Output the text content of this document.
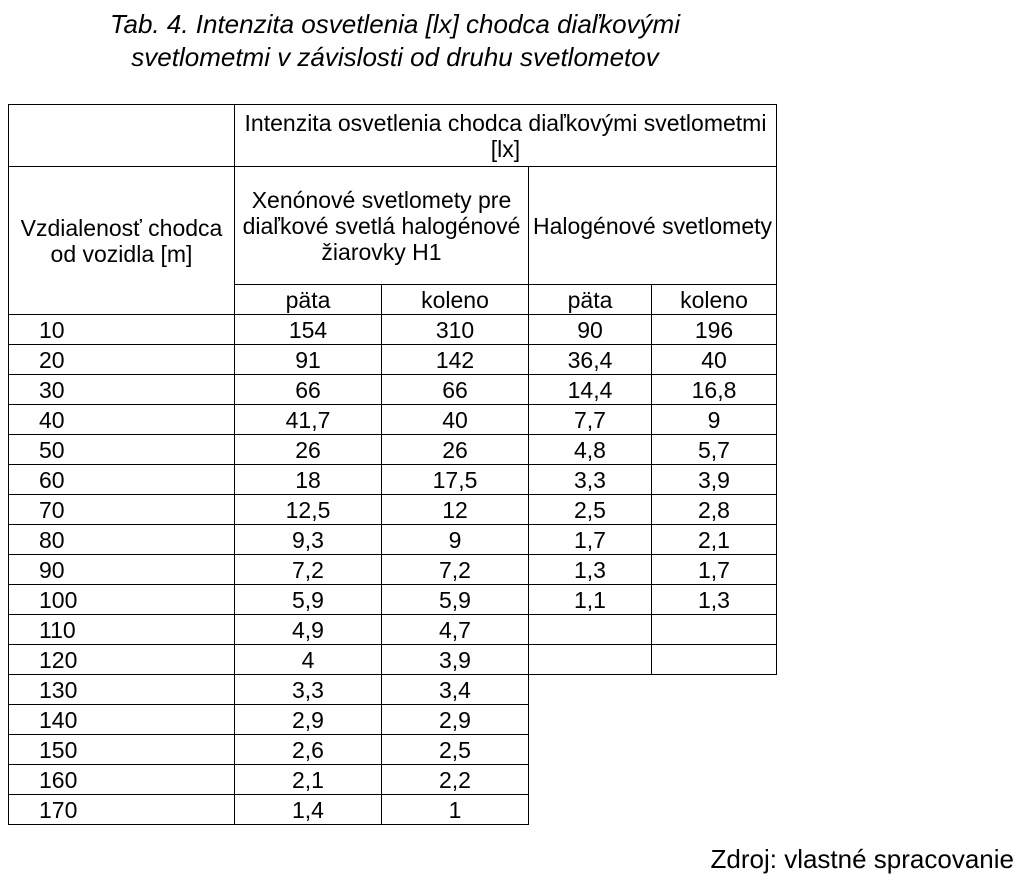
Tab. 4. Intenzita osvetlenia [lx] chodca diaľkovými
svetlometmi v závislosti od druhu svetlometov
	Intenzita osvetlenia chodca diaľkovými svetlometmi [lx]			
Vzdialenosť chodca od vozidla [m]	Xenónové svetlomety pre diaľkové svetlá halogénové žiarovky H1		Halogénové svetlomety	
	päta	koleno	päta	koleno
10	154	310	90	196
20	91	142	36,4	40
30	66	66	14,4	16,8
40	41,7	40	7,7	9
50	26	26	4,8	5,7
60	18	17,5	3,3	3,9
70	12,5	12	2,5	2,8
80	9,3	9	1,7	2,1
90	7,2	7,2	1,3	1,7
100	5,9	5,9	1,1	1,3
110	4,9	4,7		
120	4	3,9		
130	3,3	3,4		
140	2,9	2,9		
150	2,6	2,5		
160	2,1	2,2		
170	1,4	1		
Zdroj: vlastné spracovanie
